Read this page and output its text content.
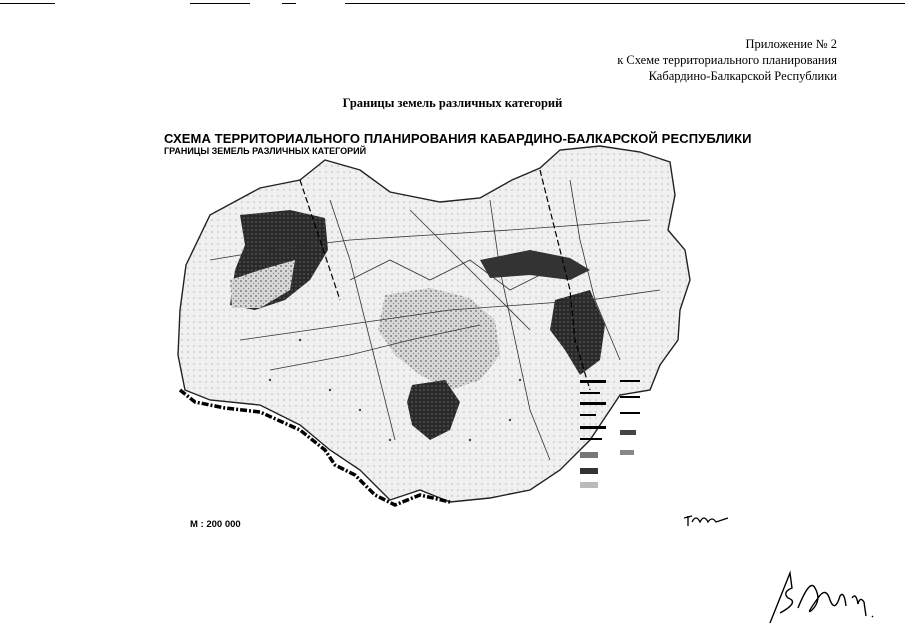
Приложение № 2
к Схеме территориального планирования
Кабардино-Балкарской Республики
Границы земель различных категорий
СХЕМА ТЕРРИТОРИАЛЬНОГО ПЛАНИРОВАНИЯ КАБАРДИНО-БАЛКАРСКОЙ РЕСПУБЛИКИ
ГРАНИЦЫ ЗЕМЕЛЬ РАЗЛИЧНЫХ КАТЕГОРИЙ
М : 200 000
